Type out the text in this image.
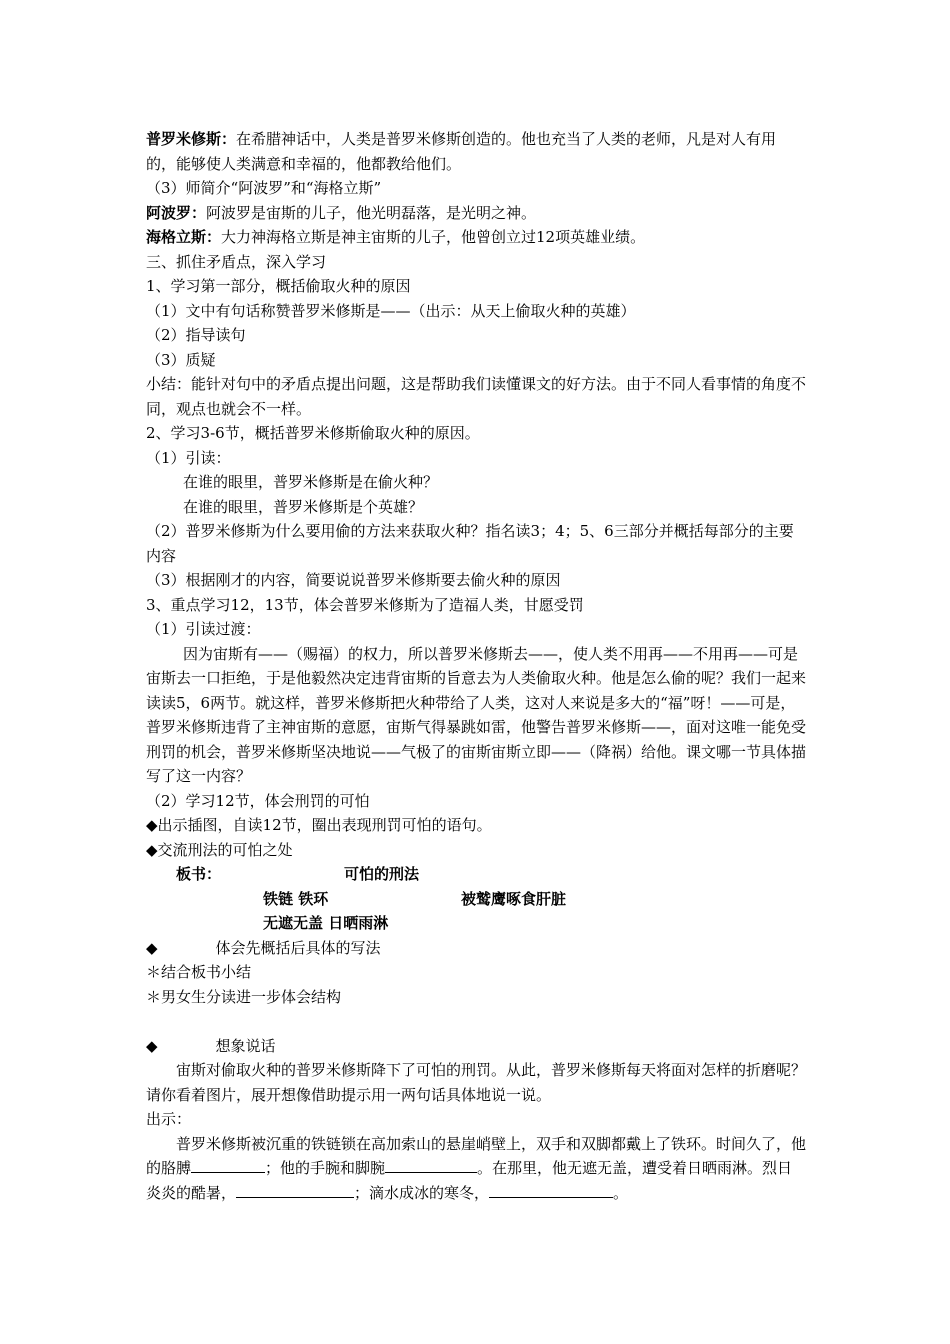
普罗米修斯：在希腊神话中，人类是普罗米修斯创造的。他也充当了人类的老师，凡是对人有用的，能够使人类满意和幸福的，他都教给他们。

（3）师简介“阿波罗”和“海格立斯”

阿波罗：阿波罗是宙斯的儿子，他光明磊落，是光明之神。

海格立斯：大力神海格立斯是神主宙斯的儿子，他曾创立过12项英雄业绩。

三、抓住矛盾点，深入学习

1、学习第一部分，概括偷取火种的原因

（1）文中有句话称赞普罗米修斯是——（出示：从天上偷取火种的英雄）

（2）指导读句

（3）质疑

小结：能针对句中的矛盾点提出问题，这是帮助我们读懂课文的好方法。由于不同人看事情的角度不同，观点也就会不一样。

2、学习3-6节，概括普罗米修斯偷取火种的原因。

（1）引读：

在谁的眼里，普罗米修斯是在偷火种？

在谁的眼里，普罗米修斯是个英雄？

（2）普罗米修斯为什么要用偷的方法来获取火种？指名读3；4；5、6三部分并概括每部分的主要内容

（3）根据刚才的内容，简要说说普罗米修斯要去偷火种的原因

3、重点学习12，13节，体会普罗米修斯为了造福人类，甘愿受罚

（1）引读过渡：

因为宙斯有——（赐福）的权力，所以普罗米修斯去——，使人类不用再——不用再——可是宙斯去一口拒绝，于是他毅然决定违背宙斯的旨意去为人类偷取火种。他是怎么偷的呢？我们一起来读读5，6两节。就这样，普罗米修斯把火种带给了人类，这对人来说是多大的“福”呀！——可是，普罗米修斯违背了主神宙斯的意愿，宙斯气得暴跳如雷，他警告普罗米修斯——，面对这唯一能免受刑罚的机会，普罗米修斯坚决地说——气极了的宙斯宙斯立即——（降祸）给他。课文哪一节具体描写了这一内容？

（2）学习12节，体会刑罚的可怕

◆出示插图，自读12节，圈出表现刑罚可怕的语句。

◆交流刑法的可怕之处

板书：	可怕的刑法
铁链 铁环	被鹫鹰啄食肝脏
无遮无盖 日晒雨淋

◆	体会先概括后具体的写法

＊结合板书小结

＊男女生分读进一步体会结构

◆	想象说话

宙斯对偷取火种的普罗米修斯降下了可怕的刑罚。从此，普罗米修斯每天将面对怎样的折磨呢？请你看着图片，展开想像借助提示用一两句话具体地说一说。

出示：

普罗米修斯被沉重的铁链锁在高加索山的悬崖峭壁上，双手和双脚都戴上了铁环。时间久了，他的胳膊	；他的手腕和脚腕	。在那里，他无遮无盖，遭受着日晒雨淋。烈日炎炎的酷暑，	；滴水成冰的寒冬，	。
